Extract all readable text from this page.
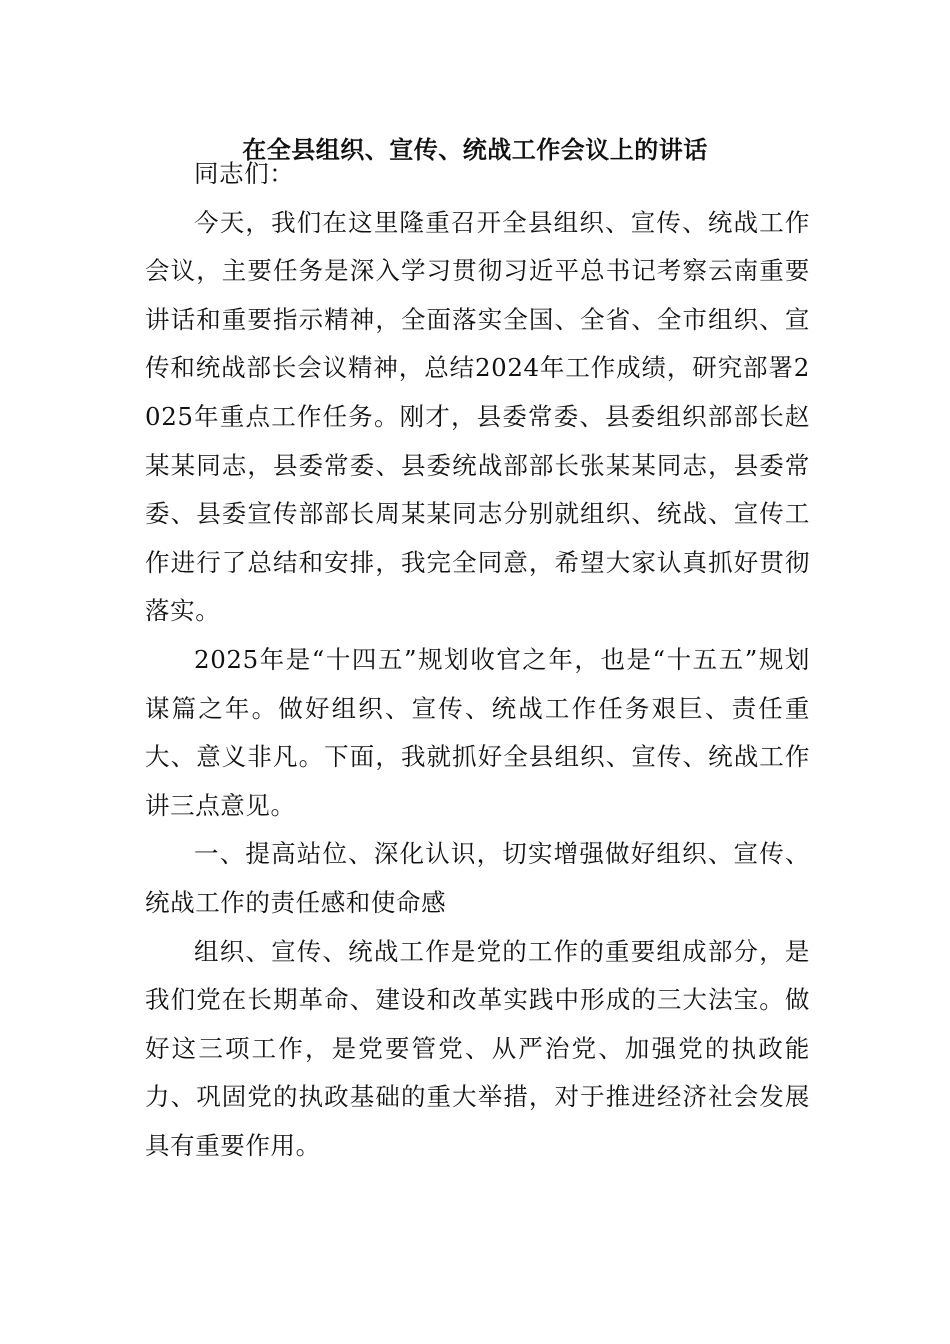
在全县组织、宣传、统战工作会议上的讲话

同志们：

今天，我们在这里隆重召开全县组织、宣传、统战工作会议，主要任务是深入学习贯彻习近平总书记考察云南重要讲话和重要指示精神，全面落实全国、全省、全市组织、宣传和统战部长会议精神，总结2024年工作成绩，研究部署2025年重点工作任务。刚才，县委常委、县委组织部部长赵某某同志，县委常委、县委统战部部长张某某同志，县委常委、县委宣传部部长周某某同志分别就组织、统战、宣传工作进行了总结和安排，我完全同意，希望大家认真抓好贯彻落实。

2025年是“十四五”规划收官之年，也是“十五五”规划谋篇之年。做好组织、宣传、统战工作任务艰巨、责任重大、意义非凡。下面，我就抓好全县组织、宣传、统战工作讲三点意见。

一、提高站位、深化认识，切实增强做好组织、宣传、统战工作的责任感和使命感

组织、宣传、统战工作是党的工作的重要组成部分，是我们党在长期革命、建设和改革实践中形成的三大法宝。做好这三项工作，是党要管党、从严治党、加强党的执政能力、巩固党的执政基础的重大举措，对于推进经济社会发展具有重要作用。
